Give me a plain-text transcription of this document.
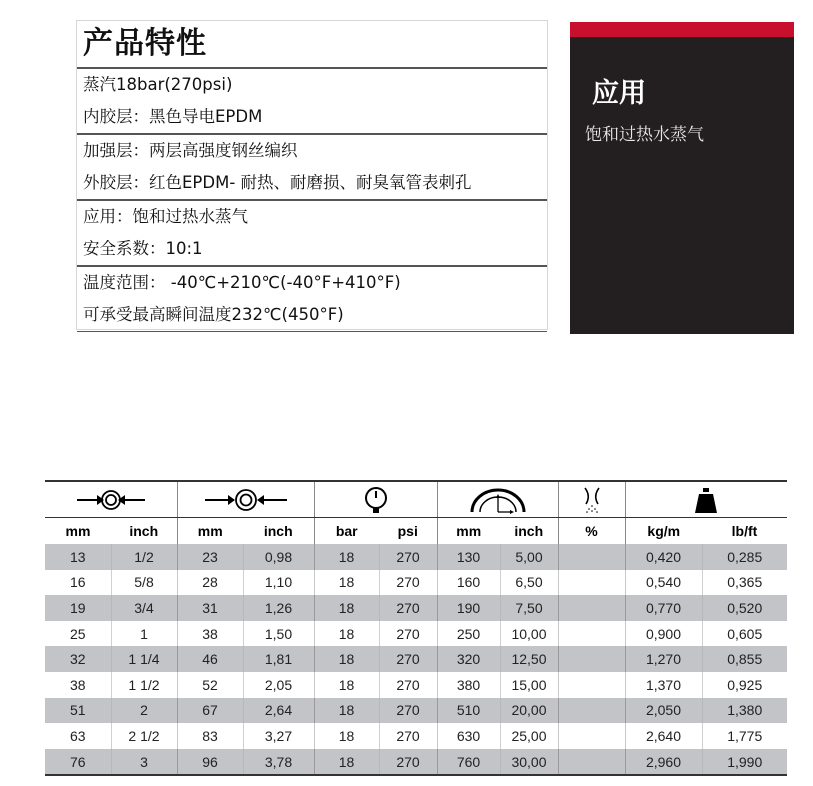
产品特性
蒸汽18bar(270psi)
内胶层：黑色导电EPDM
加强层：两层高强度钢丝编织
外胶层：红色EPDM- 耐热、耐磨损、耐臭氧管表刺孔
应用：饱和过热水蒸气
安全系数：10:1
温度范围： -40℃+210℃(-40°F+410°F)
可承受最高瞬间温度232℃(450°F)
应用
饱和过热水蒸气

mm	inch	mm	inch	bar	psi	mm	inch	%	kg/m	lb/ft
13	1/2	23	0,98	18	270	130	5,00		0,420	0,285
16	5/8	28	1,10	18	270	160	6,50		0,540	0,365
19	3/4	31	1,26	18	270	190	7,50		0,770	0,520
25	1	38	1,50	18	270	250	10,00		0,900	0,605
32	1 1/4	46	1,81	18	270	320	12,50		1,270	0,855
38	1 1/2	52	2,05	18	270	380	15,00		1,370	0,925
51	2	67	2,64	18	270	510	20,00		2,050	1,380
63	2 1/2	83	3,27	18	270	630	25,00		2,640	1,775
76	3	96	3,78	18	270	760	30,00		2,960	1,990
